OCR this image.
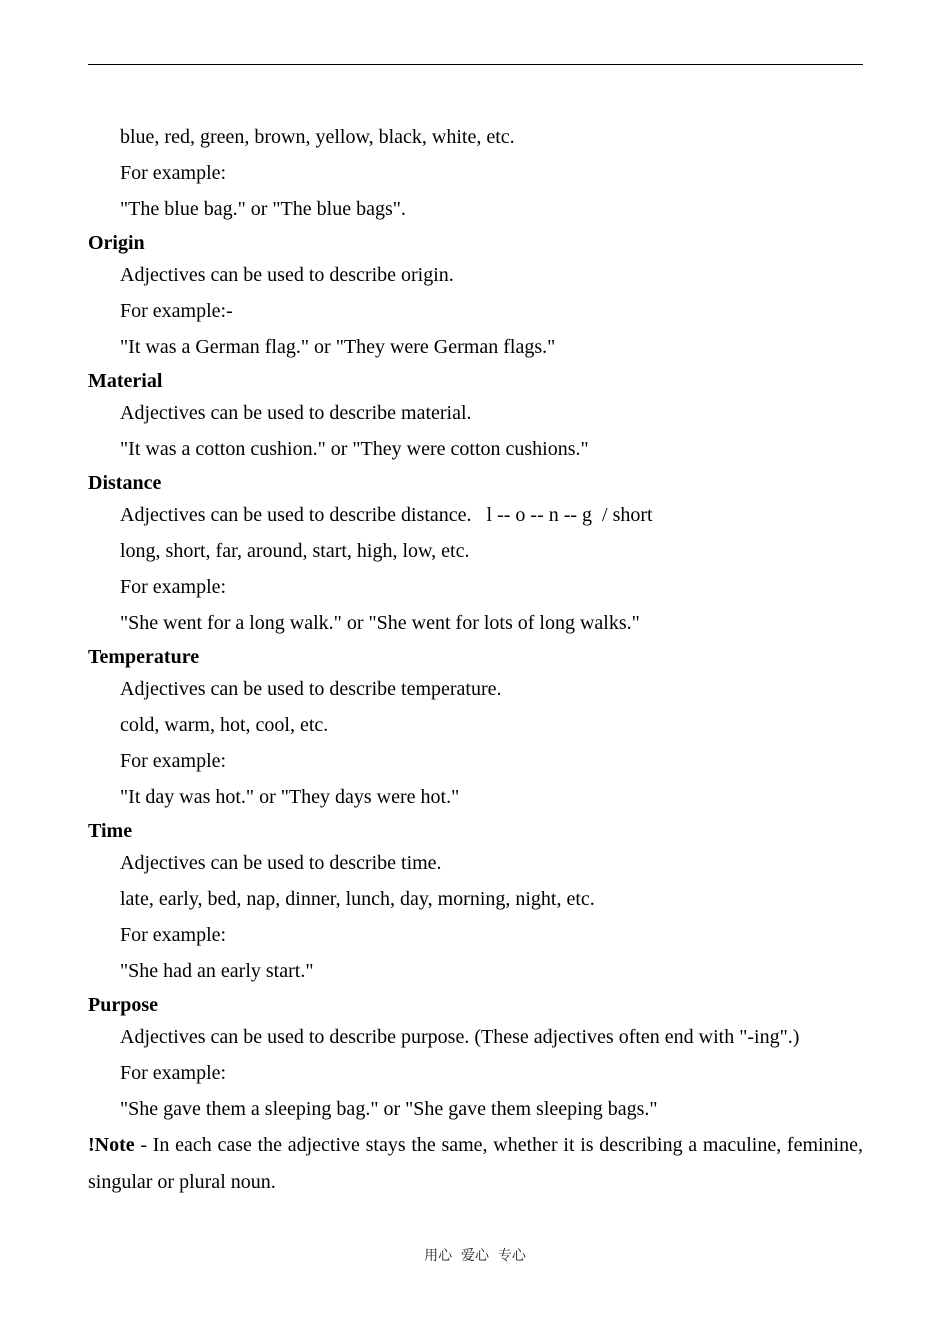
blue, red, green, brown, yellow, black, white, etc.
For example:
"The blue bag." or "The blue bags".
Origin
Adjectives can be used to describe origin.
For example:-
"It was a German flag." or "They were German flags."
Material
Adjectives can be used to describe material.
"It was a cotton cushion." or "They were cotton cushions."
Distance
Adjectives can be used to describe distance.   l -- o -- n -- g  / short
long, short, far, around, start, high, low, etc.
For example:
"She went for a long walk." or "She went for lots of long walks."
Temperature
Adjectives can be used to describe temperature.
cold, warm, hot, cool, etc.
For example:
"It day was hot." or "They days were hot."
Time
Adjectives can be used to describe time.
late, early, bed, nap, dinner, lunch, day, morning, night, etc.
For example:
"She had an early start."
Purpose
Adjectives can be used to describe purpose. (These adjectives often end with "-ing".)
For example:
"She gave them a sleeping bag." or "She gave them sleeping bags."
!Note - In each case the adjective stays the same, whether it is describing a maculine, feminine, singular or plural noun.
用心  爱心  专心
